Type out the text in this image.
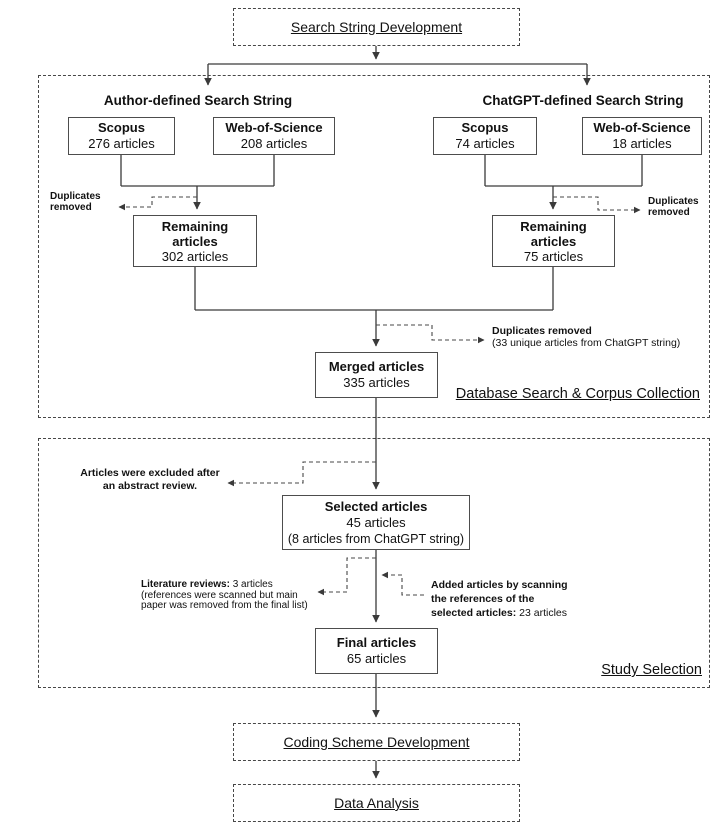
Search String Development
Author-defined Search String	ChatGPT-defined Search String
Scopus
276 articles
Web-of-Science
208 articles
Scopus
74 articles
Web-of-Science
18 articles
Duplicates
removed
Duplicates
removed
Remaining
articles
302 articles
Remaining
articles
75 articles
Duplicates removed
(33 unique articles from ChatGPT string)
Merged articles
335 articles
Database Search & Corpus Collection
Articles were excluded after
an abstract review.
Selected articles
45 articles
(8 articles from ChatGPT string)
Literature reviews: 3 articles
(references were scanned but main
paper was removed from the final list)
Added articles by scanning
the references of the
selected articles: 23 articles
Final articles
65 articles
Study Selection
Coding Scheme Development
Data Analysis
